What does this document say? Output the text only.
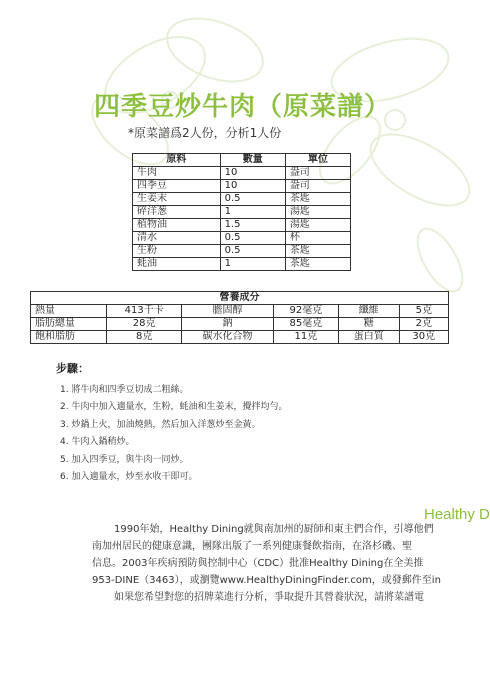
四季豆炒牛肉（原菜譜）
*原菜譜爲2人份，分析1人份
原料	數量	單位
牛肉	10	盎司
四季豆	10	盎司
生姜末	0.5	茶匙
碎洋葱	1	湯匙
植物油	1.5	湯匙
清水	0.5	杯
生粉	0.5	茶匙
蚝油	1	茶匙
營養成分					
熱量	413千卡	膽固醇	92毫克	纖維	5克
脂肪總量	28克	鈉	85毫克	糖	2克
飽和脂肪	8克	碳水化合物	11克	蛋白質	30克
步驟：
1. 將牛肉和四季豆切成二粗絲。
2. 牛肉中加入適量水，生粉，蚝油和生姜末，攪拌均勻。
3. 炒鍋上火，加油燒熱，然后加入洋葱炒至金黃。
4. 牛肉入鍋稍炒。
5. 加入四季豆，與牛肉一同炒。
6. 加入適量水，炒至水收干即可。
Healthy D

1990年始，Healthy Dining就與南加州的厨師和東主們合作，引導他們

南加州居民的健康意識，團隊出版了一系列健康餐飲指南，在洛杉磯、聖

信息。2003年疾病預防與控制中心（CDC）批准Healthy Dining在全美推

953-DINE（3463），或瀏覽www.HealthyDiningFinder.com，或發郵件至in

如果您希望對您的招牌菜進行分析，爭取提升其營養狀況，請將菜譜電
